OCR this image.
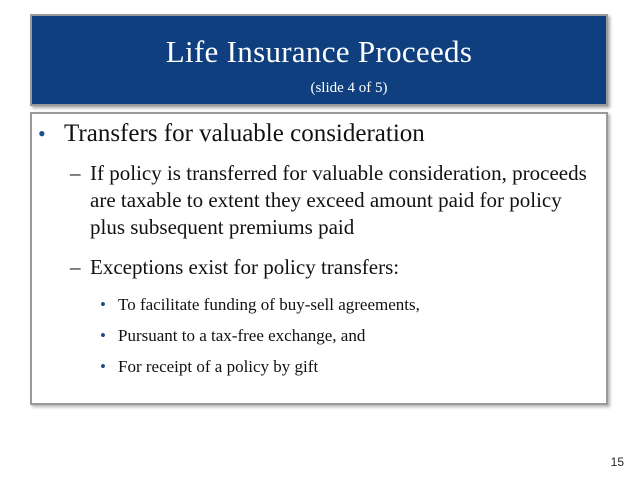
Life Insurance Proceeds
(slide 4 of 5)
• Transfers for valuable consideration
– If policy is transferred for valuable consideration, proceeds are taxable to extent they exceed amount paid for policy plus subsequent premiums paid
– Exceptions exist for policy transfers:
• To facilitate funding of buy-sell agreements,
• Pursuant to a tax-free exchange, and
• For receipt of a policy by gift
15
